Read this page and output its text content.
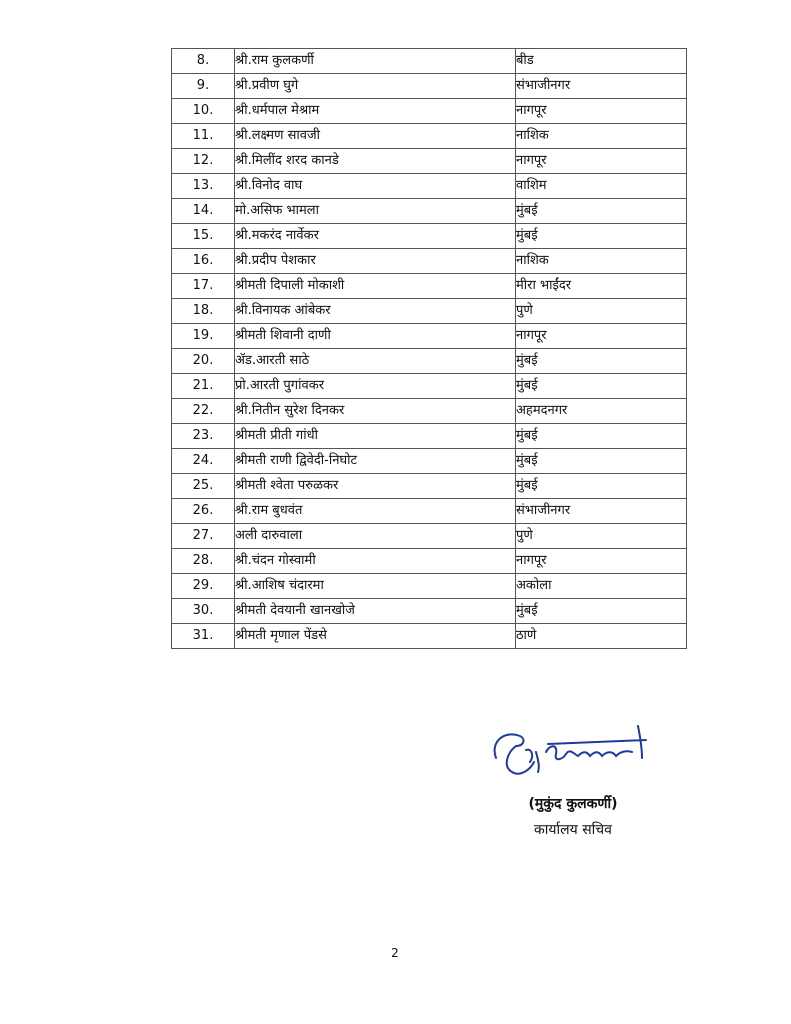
8.	श्री.राम कुलकर्णी	बीड
9.	श्री.प्रवीण घुगे	संभाजीनगर
10.	श्री.धर्मपाल मेश्राम	नागपूर
11.	श्री.लक्ष्मण सावजी	नाशिक
12.	श्री.मिलींद शरद कानडे	नागपूर
13.	श्री.विनोद वाघ	वाशिम
14.	मो.असिफ भामला	मुंबई
15.	श्री.मकरंद नार्वेकर	मुंबई
16.	श्री.प्रदीप पेशकार	नाशिक
17.	श्रीमती दिपाली मोकाशी	मीरा भाईंदर
18.	श्री.विनायक आंबेकर	पुणे
19.	श्रीमती शिवानी दाणी	नागपूर
20.	ॲड.आरती साठे	मुंबई
21.	प्रो.आरती पुगांवकर	मुंबई
22.	श्री.नितीन सुरेश दिनकर	अहमदनगर
23.	श्रीमती प्रीती गांधी	मुंबई
24.	श्रीमती राणी द्विवेदी-निघोट	मुंबई
25.	श्रीमती श्वेता परुळकर	मुंबई
26.	श्री.राम बुधवंत	संभाजीनगर
27.	अली दारुवाला	पुणे
28.	श्री.चंदन गोस्वामी	नागपूर
29.	श्री.आशिष चंदारमा	अकोला
30.	श्रीमती देवयानी खानखोजे	मुंबई
31.	श्रीमती मृणाल पेंडसे	ठाणे
(मुकुंद कुलकर्णी)
कार्यालय सचिव
2
